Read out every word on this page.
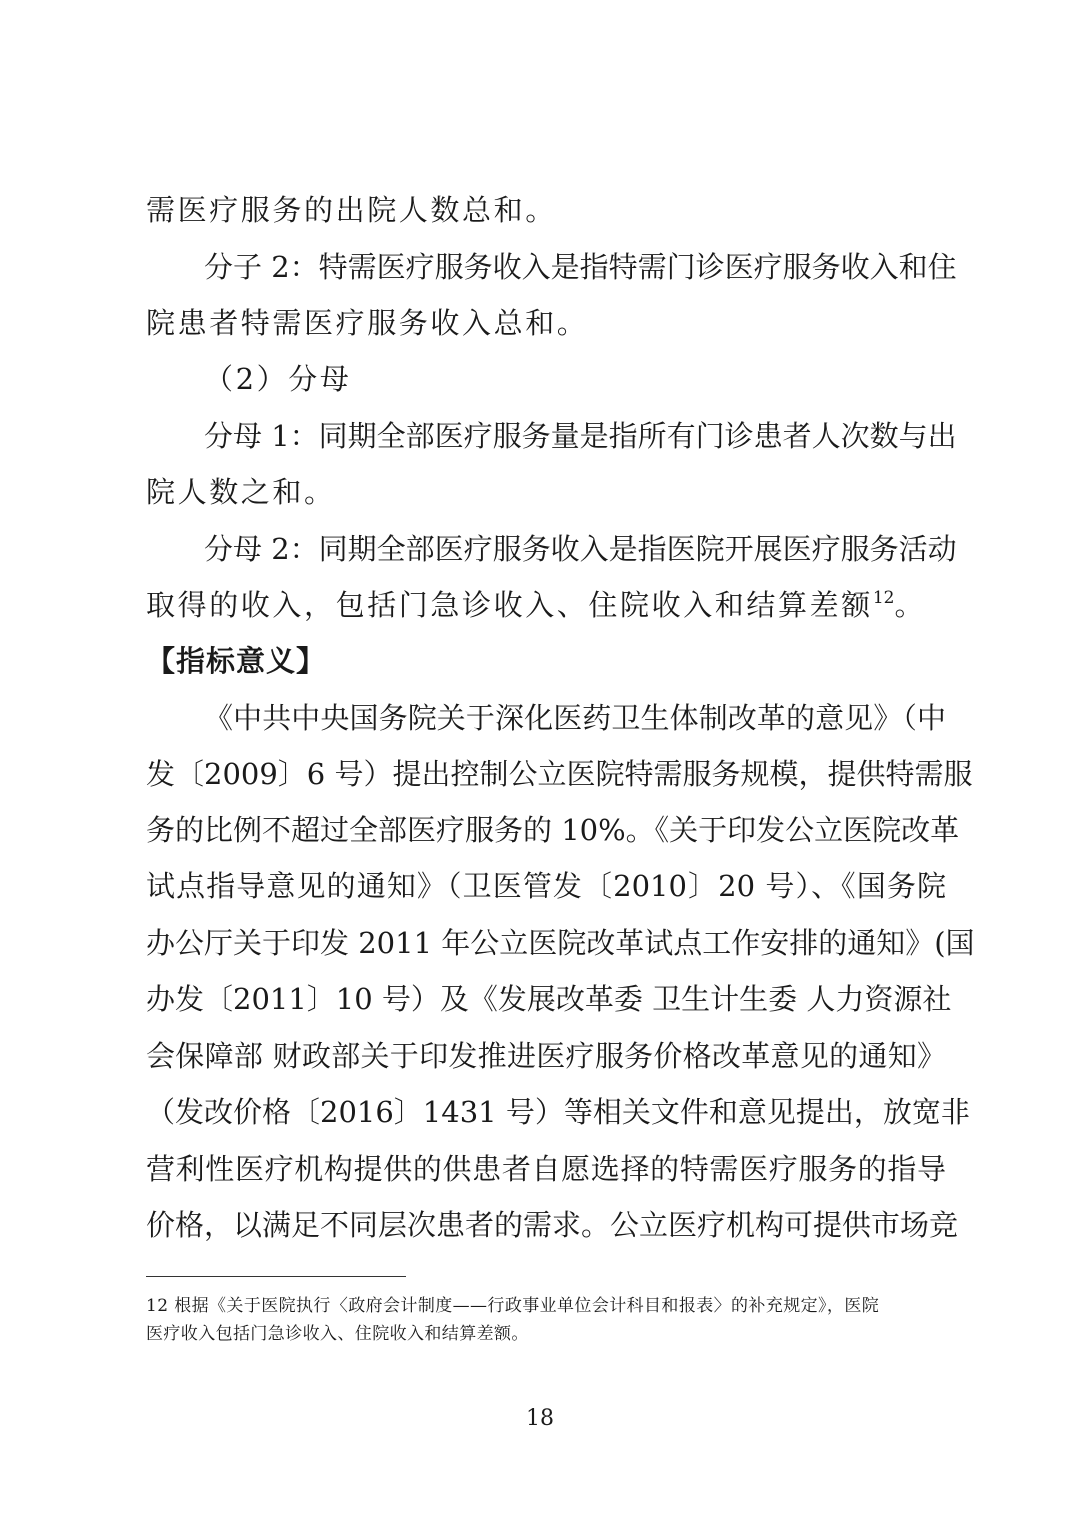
需医疗服务的出院人数总和。
分子 2：特需医疗服务收入是指特需门诊医疗服务收入和住
院患者特需医疗服务收入总和。
（2）分母
分母 1：同期全部医疗服务量是指所有门诊患者人次数与出
院人数之和。
分母 2：同期全部医疗服务收入是指医院开展医疗服务活动
取得的收入，包括门急诊收入、住院收入和结算差额$^{12}$。
【指标意义】
《中共中央国务院关于深化医药卫生体制改革的意见》（中
发〔2009〕6 号）提出控制公立医院特需服务规模，提供特需服
务的比例不超过全部医疗服务的 10%。《关于印发公立医院改革
试点指导意见的通知》（卫医管发〔2010〕20 号）、《国务院
办公厅关于印发 2011 年公立医院改革试点工作安排的通知》(国
办发〔2011〕10 号）及《发展改革委 卫生计生委 人力资源社
会保障部 财政部关于印发推进医疗服务价格改革意见的通知》
（发改价格〔2016〕1431 号）等相关文件和意见提出，放宽非
营利性医疗机构提供的供患者自愿选择的特需医疗服务的指导
价格，以满足不同层次患者的需求。公立医疗机构可提供市场竞
12 根据《关于医院执行〈政府会计制度——行政事业单位会计科目和报表〉的补充规定》，医院
医疗收入包括门急诊收入、住院收入和结算差额。
18
